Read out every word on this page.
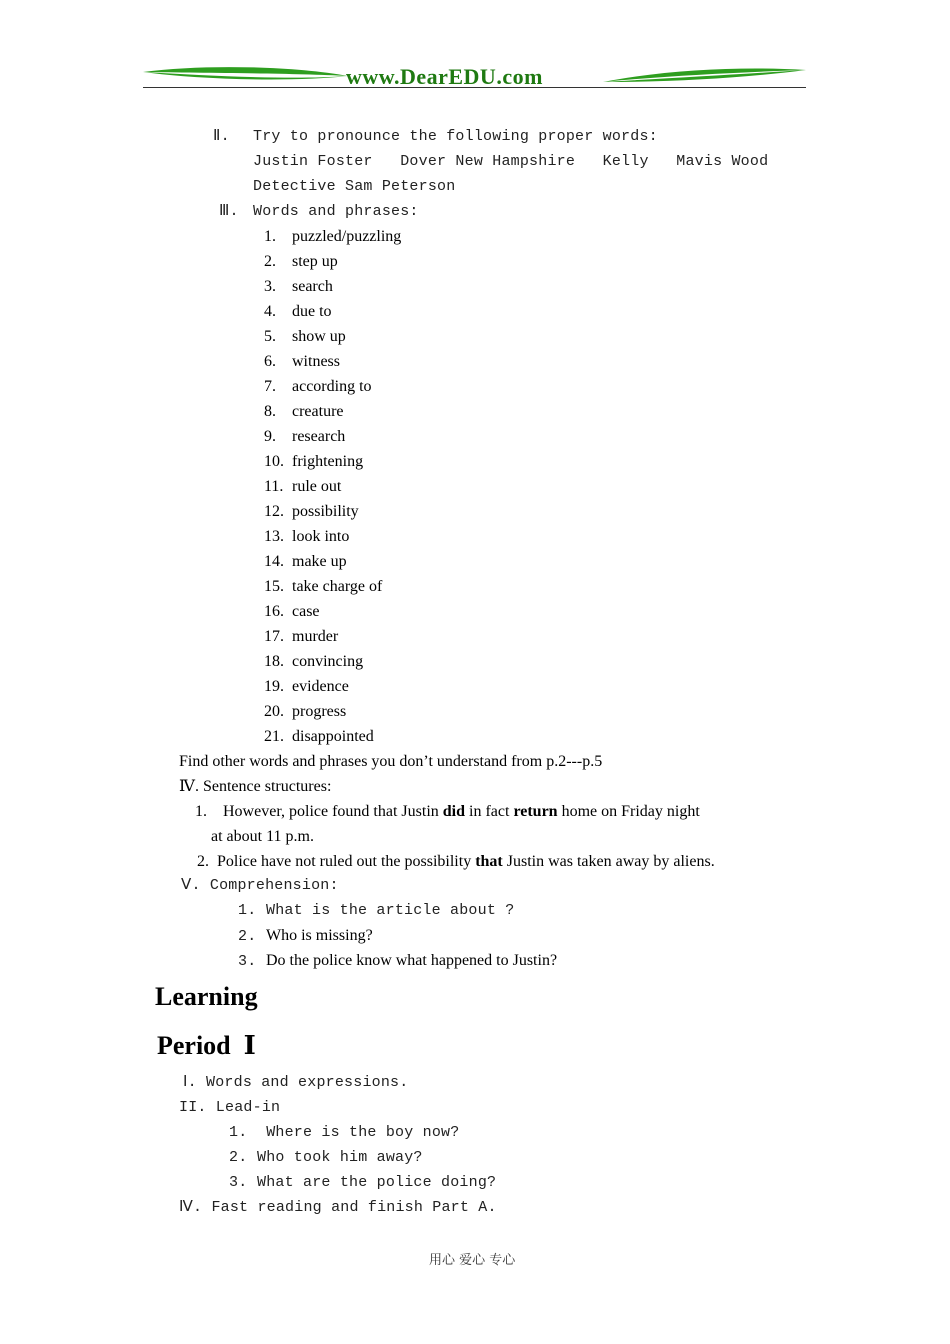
www.DearEDU.com
Ⅱ. Try to pronounce the following proper words:
Justin Foster   Dover New Hampshire   Kelly   Mavis Wood
Detective Sam Peterson
Ⅲ. Words and phrases:
1. puzzled/puzzling
2. step up
3. search
4. due to
5. show up
6. witness
7. according to
8. creature
9. research
10. frightening
11. rule out
12. possibility
13. look into
14. make up
15. take charge of
16. case
17. murder
18. convincing
19. evidence
20. progress
21. disappointed
Find other words and phrases you don’t understand from p.2---p.5
Ⅳ. Sentence structures:
1. However, police found that Justin did in fact return home on Friday night
at about 11 p.m.
2. Police have not ruled out the possibility that Justin was taken away by aliens.
Ⅴ. Comprehension:
1. What is the article about ?
2. Who is missing?
3. Do the police know what happened to Justin?
Learning
Period  Ⅰ
Ⅰ. Words and expressions.
II. Lead-in
1. Where is the boy now?
2. Who took him away?
3. What are the police doing?
Ⅳ. Fast reading and finish Part A.
用心 爱心 专心
